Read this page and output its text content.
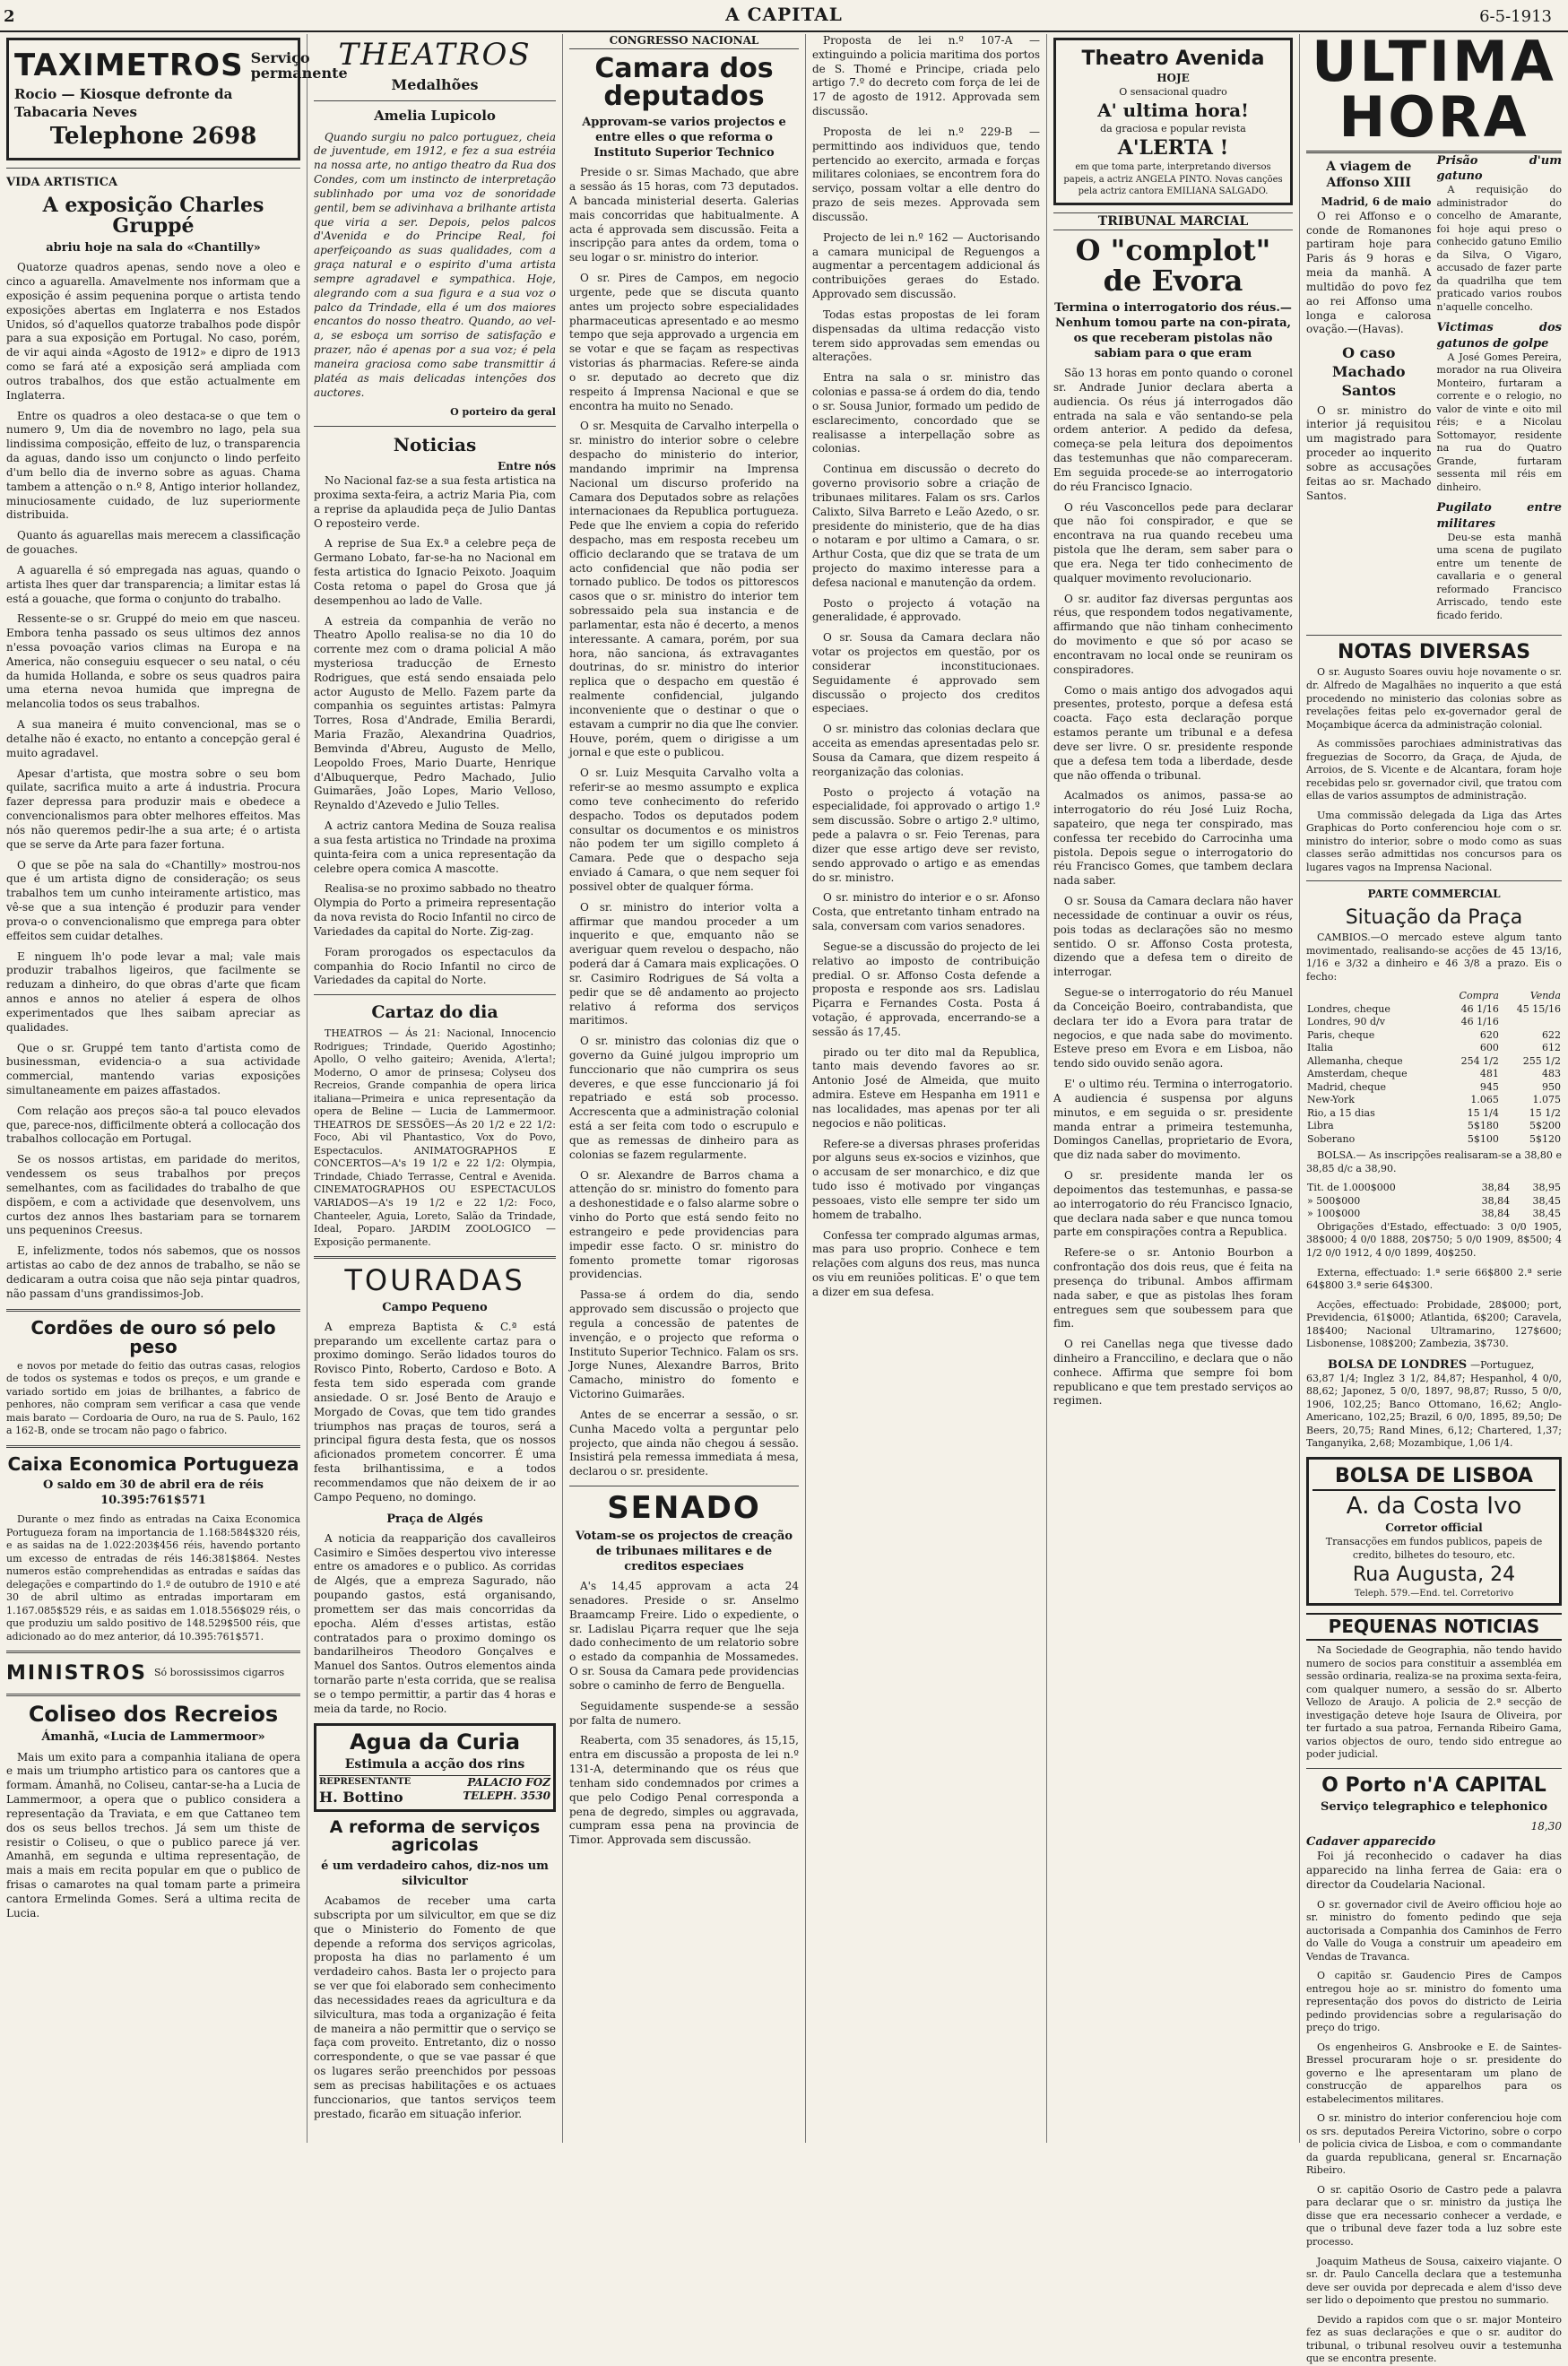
2	A CAPITAL	6-5-1913
TAXIMETROS Serviço permanente
Rocio — Kiosque defronte da Tabacaria Neves
Telephone 2698
VIDA ARTISTICA
A exposição Charles Gruppé
abriu hoje na sala do «Chantilly»

Quatorze quadros apenas, sendo nove a oleo e cinco a aguarella. Amavelmente nos informam que a exposição é assim pequenina porque o artista tendo exposições abertas em Inglaterra e nos Estados Unidos, só d'aquellos quatorze trabalhos pode dispôr para a sua exposição em Portugal. No caso, porém, de vir aqui ainda «Agosto de 1912» e dipro de 1913 como se fará até a exposição será ampliada com outros trabalhos, dos que estão actualmente em Inglaterra.

Entre os quadros a oleo destaca-se o que tem o numero 9, Um dia de novembro no lago, pela sua lindissima composição, effeito de luz, o transparencia da aguas, dando isso um conjuncto o lindo perfeito d'um bello dia de inverno sobre as aguas. Chama tambem a attenção o n.º 8, Antigo interior hollandez, minuciosamente cuidado, de luz superiormente distribuida.

Quanto ás aguarellas mais merecem a classificação de gouaches.

A aguarella é só empregada nas aguas, quando o artista lhes quer dar transparencia; a limitar estas lá está a gouache, que forma o conjunto do trabalho.

Ressente-se o sr. Gruppé do meio em que nasceu. Embora tenha passado os seus ultimos dez annos n'essa povoação varios climas na Europa e na America, não conseguiu esquecer o seu natal, o céu da humida Hollanda, e sobre os seus quadros paira uma eterna nevoa humida que impregna de melancolia todos os seus trabalhos.

A sua maneira é muito convencional, mas se o detalhe não é exacto, no entanto a concepção geral é muito agradavel.

Apesar d'artista, que mostra sobre o seu bom quilate, sacrifica muito a arte á industria. Procura fazer depressa para produzir mais e obedece a convencionalismos para obter melhores effeitos. Mas nós não queremos pedir-lhe a sua arte; é o artista que se serve da Arte para fazer fortuna.

O que se põe na sala do «Chantilly» mostrou-nos que é um artista digno de consideração; os seus trabalhos tem um cunho inteiramente artistico, mas vê-se que a sua intenção é produzir para vender prova-o o convencionalismo que emprega para obter effeitos sem cuidar detalhes.

E ninguem lh'o pode levar a mal; vale mais produzir trabalhos ligeiros, que facilmente se reduzam a dinheiro, do que obras d'arte que ficam annos e annos no atelier á espera de olhos experimentados que lhes saibam apreciar as qualidades.

Que o sr. Gruppé tem tanto d'artista como de businessman, evidencia-o a sua actividade commercial, mantendo varias exposições simultaneamente em paizes affastados.

Com relação aos preços são-a tal pouco elevados que, parece-nos, difficilmente obterá a collocação dos trabalhos collocação em Portugal.

Se os nossos artistas, em paridade do meritos, vendessem os seus trabalhos por preços semelhantes, com as facilidades do trabalho de que dispõem, e com a actividade que desenvolvem, uns curtos dez annos lhes bastariam para se tornarem uns pequeninos Creesus.

E, infelizmente, todos nós sabemos, que os nossos artistas ao cabo de dez annos de trabalho, se não se dedicaram a outra coisa que não seja pintar quadros, não passam d'uns grandissimos-Job.

Cordões de ouro só pelo peso

e novos por metade do feitio das outras casas, relogios de todos os systemas e todos os preços, e um grande e variado sortido em joias de brilhantes, a fabrico de penhores, não compram sem verificar a casa que vende mais barato — Cordoaria de Ouro, na rua de S. Paulo, 162 a 162-B, onde se trocam não pago o fabrico.

Caixa Economica Portugueza
O saldo em 30 de abril era de réis 10.395:761$571

Durante o mez findo as entradas na Caixa Economica Portugueza foram na importancia de 1.168:584$320 réis, e as saidas na de 1.022:203$456 réis, havendo portanto um excesso de entradas de réis 146:381$864. Nestes numeros estão comprehendidas as entradas e saídas das delegações e compartindo do 1.º de outubro de 1910 e até 30 de abril ultimo as entradas importaram em 1.167.085$529 réis, e as saidas em 1.018.556$029 réis, o que produziu um saldo positivo de 148.529$500 réis, que adicionado ao do mez anterior, dá 10.395:761$571.

MINISTROS Só borossissimos cigarros
Coliseo dos Recreios
Ámanhã, «Lucia de Lammermoor»

Mais um exito para a companhia italiana de opera e mais um triumpho artistico para os cantores que a formam. Ámanhã, no Coliseu, cantar-se-ha a Lucia de Lammermoor, a opera que o publico considera a representação da Traviata, e em que Cattaneo tem dos os seus bellos trechos. Já sem um thiste de resistir o Coliseu, o que o publico parece já ver. Amanhã, em segunda e ultima representação, de mais a mais em recita popular em que o publico de frisas o camarotes na qual tomam parte a primeira cantora Ermelinda Gomes. Será a ultima recita de Lucia.

THEATROS
Medalhões
Amelia Lupicolo

Quando surgiu no palco portuguez, cheia de juventude, em 1912, e fez a sua estréia na nossa arte, no antigo theatro da Rua dos Condes, com um instincto de interpretação sublinhado por uma voz de sonoridade gentil, bem se adivinhava a brilhante artista que viria a ser. Depois, pelos palcos d'Avenida e do Principe Real, foi aperfeiçoando as suas qualidades, com a graça natural e o espirito d'uma artista sempre agradavel e sympathica. Hoje, alegrando com a sua figura e a sua voz o palco da Trindade, ella é um dos maiores encantos do nosso theatro. Quando, ao vel-a, se esboça um sorriso de satisfação e prazer, não é apenas por a sua voz; é pela maneira graciosa como sabe transmittir á platéa as mais delicadas intenções dos auctores.

O porteiro da geral
Noticias
Entre nós

No Nacional faz-se a sua festa artistica na proxima sexta-feira, a actriz Maria Pia, com a reprise da aplaudida peça de Julio Dantas O reposteiro verde.

A reprise de Sua Ex.ª a celebre peça de Germano Lobato, far-se-ha no Nacional em festa artistica do Ignacio Peixoto. Joaquim Costa retoma o papel do Grosa que já desempenhou ao lado de Valle.

A estreia da companhia de verão no Theatro Apollo realisa-se no dia 10 do corrente mez com o drama policial A mão mysteriosa traducção de Ernesto Rodrigues, que está sendo ensaiada pelo actor Augusto de Mello. Fazem parte da companhia os seguintes artistas: Palmyra Torres, Rosa d'Andrade, Emilia Berardi, Maria Frazão, Alexandrina Quadrios, Bemvinda d'Abreu, Augusto de Mello, Leopoldo Froes, Mario Duarte, Henrique d'Albuquerque, Pedro Machado, Julio Guimarães, João Lopes, Mario Velloso, Reynaldo d'Azevedo e Julio Telles.

A actriz cantora Medina de Souza realisa a sua festa artistica no Trindade na proxima quinta-feira com a unica representação da celebre opera comica A mascotte.

Realisa-se no proximo sabbado no theatro Olympia do Porto a primeira representação da nova revista do Rocio Infantil no circo de Variedades da capital do Norte. Zig-zag.

Foram prorogados os espectaculos da companhia do Rocio Infantil no circo de Variedades da capital do Norte.

Cartaz do dia

THEATROS — Ás 21: Nacional, Innocencio Rodrigues; Trindade, Querido Agostinho; Apollo, O velho gaiteiro; Avenida, A'lerta!; Moderno, O amor de prinsesa; Colyseu dos Recreios, Grande companhia de opera lirica italiana—Primeira e unica representação da opera de Beline — Lucia de Lammermoor. THEATROS DE SESSÕES—Ás 20 1/2 e 22 1/2: Foco, Abi vil Phantastico, Vox do Povo, Espectaculos. ANIMATOGRAPHOS E CONCERTOS—A's 19 1/2 e 22 1/2: Olympia, Trindade, Chiado Terrasse, Central e Avenida. CINEMATOGRAPHOS OU ESPECTACULOS VARIADOS—A's 19 1/2 e 22 1/2: Foco, Chanteeler, Aguia, Loreto, Salão da Trindade, Ideal, Poparo. JARDIM ZOOLOGICO — Exposição permanente.

TOURADAS
Campo Pequeno

A empreza Baptista & C.ª está preparando um excellente cartaz para o proximo domingo. Serão lidados touros do Rovisco Pinto, Roberto, Cardoso e Boto. A festa tem sido esperada com grande ansiedade. O sr. José Bento de Araujo e Morgado de Covas, que tem tido grandes triumphos nas praças de touros, será a principal figura desta festa, que os nossos aficionados prometem concorrer. É uma festa brilhantissima, e a todos recommendamos que não deixem de ir ao Campo Pequeno, no domingo.

Praça de Algés

A noticia da reapparição dos cavalleiros Casimiro e Simões despertou vivo interesse entre os amadores e o publico. As corridas de Algés, que a empreza Sagurado, não poupando gastos, está organisando, promettem ser das mais concorridas da epocha. Além d'esses artistas, estão contratados para o proximo domingo os bandarilheiros Theodoro Gonçalves e Manuel dos Santos. Outros elementos ainda tornarão parte n'esta corrida, que se realisa se o tempo permittir, a partir das 4 horas e meia da tarde, no Rocio.

Agua da Curia
Estimula a acção dos rins
REPRESENTANTE
H. Bottino
PALACIO FOZ
TELEPH. 3530
A reforma de serviços agricolas
é um verdadeiro cahos, diz-nos um silvicultor

Acabamos de receber uma carta subscripta por um silvicultor, em que se diz que o Ministerio do Fomento de que depende a reforma dos serviços agricolas, proposta ha dias no parlamento é um verdadeiro cahos. Basta ler o projecto para se ver que foi elaborado sem conhecimento das necessidades reaes da agricultura e da silvicultura, mas toda a organização é feita de maneira a não permittir que o serviço se faça com proveito. Entretanto, diz o nosso correspondente, o que se vae passar é que os lugares serão preenchidos por pessoas sem as precisas habilitações e os actuaes funccionarios, que tantos serviços teem prestado, ficarão em situação inferior.

CONGRESSO NACIONAL
Camara dos deputados
Approvam-se varios projectos e entre elles o que reforma o Instituto Superior Technico

Preside o sr. Simas Machado, que abre a sessão ás 15 horas, com 73 deputados. A bancada ministerial deserta. Galerias mais concorridas que habitualmente. A acta é approvada sem discussão. Feita a inscripção para antes da ordem, toma o seu logar o sr. ministro do interior.

O sr. Pires de Campos, em negocio urgente, pede que se discuta quanto antes um projecto sobre especialidades pharmaceuticas apresentado e ao mesmo tempo que seja approvado a urgencia em se votar e que se façam as respectivas vistorias ás pharmacias. Refere-se ainda o sr. deputado ao decreto que diz respeito á Imprensa Nacional e que se encontra ha muito no Senado.

O sr. Mesquita de Carvalho interpella o sr. ministro do interior sobre o celebre despacho do ministerio do interior, mandando imprimir na Imprensa Nacional um discurso proferido na Camara dos Deputados sobre as relações internacionaes da Republica portugueza. Pede que lhe enviem a copia do referido despacho, mas em resposta recebeu um officio declarando que se tratava de um acto confidencial que não podia ser tornado publico. De todos os pittorescos casos que o sr. ministro do interior tem sobressaido pela sua instancia e de parlamentar, esta não é decerto, a menos interessante. A camara, porém, por sua hora, não sanciona, ás extravagantes doutrinas, do sr. ministro do interior replica que o despacho em questão é realmente confidencial, julgando inconveniente que o destinar o que o estavam a cumprir no dia que lhe convier. Houve, porém, quem o dirigisse a um jornal e que este o publicou.

O sr. Luiz Mesquita Carvalho volta a referir-se ao mesmo assumpto e explica como teve conhecimento do referido despacho. Todos os deputados podem consultar os documentos e os ministros não podem ter um sigillo completo á Camara. Pede que o despacho seja enviado á Camara, o que nem sequer foi possivel obter de qualquer fórma.

O sr. ministro do interior volta a affirmar que mandou proceder a um inquerito e que, emquanto não se averiguar quem revelou o despacho, não poderá dar á Camara mais explicações. O sr. Casimiro Rodrigues de Sá volta a pedir que se dê andamento ao projecto relativo á reforma dos serviços maritimos.

O sr. ministro das colonias diz que o governo da Guiné julgou improprio um funccionario que não cumprira os seus deveres, e que esse funccionario já foi repatriado e está sob processo. Accrescenta que a administração colonial está a ser feita com todo o escrupulo e que as remessas de dinheiro para as colonias se fazem regularmente.

O sr. Alexandre de Barros chama a attenção do sr. ministro do fomento para a deshonestidade e o falso alarme sobre o vinho do Porto que está sendo feito no estrangeiro e pede providencias para impedir esse facto. O sr. ministro do fomento promette tomar rigorosas providencias.

Passa-se á ordem do dia, sendo approvado sem discussão o projecto que regula a concessão de patentes de invenção, e o projecto que reforma o Instituto Superior Technico. Falam os srs. Jorge Nunes, Alexandre Barros, Brito Camacho, ministro do fomento e Victorino Guimarães.

Antes de se encerrar a sessão, o sr. Cunha Macedo volta a perguntar pelo projecto, que ainda não chegou á sessão. Insistirá pela remessa immediata á mesa, declarou o sr. presidente.

SENADO
Votam-se os projectos de creação de tribunaes militares e de creditos especiaes

A's 14,45 approvam a acta 24 senadores. Preside o sr. Anselmo Braamcamp Freire. Lido o expediente, o sr. Ladislau Piçarra requer que lhe seja dado conhecimento de um relatorio sobre o estado da companhia de Mossamedes. O sr. Sousa da Camara pede providencias sobre o caminho de ferro de Benguella.

Seguidamente suspende-se a sessão por falta de numero.

Reaberta, com 35 senadores, ás 15,15, entra em discussão a proposta de lei n.º 131-A, determinando que os réus que tenham sido condemnados por crimes a que pelo Codigo Penal corresponda a pena de degredo, simples ou aggravada, cumpram essa pena na provincia de Timor. Approvada sem discussão.

Proposta de lei n.º 107-A — extinguindo a policia maritima dos portos de S. Thomé e Principe, criada pelo artigo 7.º do decreto com força de lei de 17 de agosto de 1912. Approvada sem discussão.

Proposta de lei n.º 229-B — permittindo aos individuos que, tendo pertencido ao exercito, armada e forças militares coloniaes, se encontrem fora do serviço, possam voltar a elle dentro do prazo de seis mezes. Approvada sem discussão.

Projecto de lei n.º 162 — Auctorisando a camara municipal de Reguengos a augmentar a percentagem addicional ás contribuições geraes do Estado. Approvado sem discussão.

Todas estas propostas de lei foram dispensadas da ultima redacção visto terem sido approvadas sem emendas ou alterações.

Entra na sala o sr. ministro das colonias e passa-se á ordem do dia, tendo o sr. Sousa Junior, formado um pedido de esclarecimento, concordado que se realisasse a interpellação sobre as colonias.

Continua em discussão o decreto do governo provisorio sobre a criação de tribunaes militares. Falam os srs. Carlos Calixto, Silva Barreto e Leão Azedo, o sr. presidente do ministerio, que de ha dias o notaram e por ultimo a Camara, o sr. Arthur Costa, que diz que se trata de um projecto do maximo interesse para a defesa nacional e manutenção da ordem.

Posto o projecto á votação na generalidade, é approvado.

O sr. Sousa da Camara declara não votar os projectos em questão, por os considerar inconstitucionaes. Seguidamente é approvado sem discussão o projecto dos creditos especiaes.

O sr. ministro das colonias declara que acceita as emendas apresentadas pelo sr. Sousa da Camara, que dizem respeito á reorganização das colonias.

Posto o projecto á votação na especialidade, foi approvado o artigo 1.º sem discussão. Sobre o artigo 2.º ultimo, pede a palavra o sr. Feio Terenas, para dizer que esse artigo deve ser revisto, sendo approvado o artigo e as emendas do sr. ministro.

O sr. ministro do interior e o sr. Afonso Costa, que entretanto tinham entrado na sala, conversam com varios senadores.

Segue-se a discussão do projecto de lei relativo ao imposto de contribuição predial. O sr. Affonso Costa defende a proposta e responde aos srs. Ladislau Piçarra e Fernandes Costa. Posta á votação, é approvada, encerrando-se a sessão ás 17,45.

pirado ou ter dito mal da Republica, tanto mais devendo favores ao sr. Antonio José de Almeida, que muito admira. Esteve em Hespanha em 1911 e nas localidades, mas apenas por ter ali negocios e não politicas.

Refere-se a diversas phrases proferidas por alguns seus ex-socios e vizinhos, que o accusam de ser monarchico, e diz que tudo isso é motivado por vinganças pessoaes, visto elle sempre ter sido um homem de trabalho.

Confessa ter comprado algumas armas, mas para uso proprio. Conhece e tem relações com alguns dos reus, mas nunca os viu em reuniões politicas. E' o que tem a dizer em sua defesa.

Theatro Avenida
HOJE
O sensacional quadro
A' ultima hora!
da graciosa e popular revista
A'LERTA !
em que toma parte, interpretando diversos papeis, a actriz ANGELA PINTO. Novas canções pela actriz cantora EMILIANA SALGADO.
TRIBUNAL MARCIAL
O "complot" de Evora
Termina o interrogatorio dos réus.—Nenhum tomou parte na con-pirata, os que receberam pistolas não sabiam para o que eram

São 13 horas em ponto quando o coronel sr. Andrade Junior declara aberta a audiencia. Os réus já interrogados dão entrada na sala e vão sentando-se pela ordem anterior. A pedido da defesa, começa-se pela leitura dos depoimentos das testemunhas que não compareceram. Em seguida procede-se ao interrogatorio do réu Francisco Ignacio.

O réu Vasconcellos pede para declarar que não foi conspirador, e que se encontrava na rua quando recebeu uma pistola que lhe deram, sem saber para o que era. Nega ter tido conhecimento de qualquer movimento revolucionario.

O sr. auditor faz diversas perguntas aos réus, que respondem todos negativamente, affirmando que não tinham conhecimento do movimento e que só por acaso se encontravam no local onde se reuniram os conspiradores.

Como o mais antigo dos advogados aqui presentes, protesto, porque a defesa está coacta. Faço esta declaração porque estamos perante um tribunal e a defesa deve ser livre. O sr. presidente responde que a defesa tem toda a liberdade, desde que não offenda o tribunal.

Acalmados os animos, passa-se ao interrogatorio do réu José Luiz Rocha, sapateiro, que nega ter conspirado, mas confessa ter recebido do Carrocinha uma pistola. Depois segue o interrogatorio do réu Francisco Gomes, que tambem declara nada saber.

O sr. Sousa da Camara declara não haver necessidade de continuar a ouvir os réus, pois todas as declarações são no mesmo sentido. O sr. Affonso Costa protesta, dizendo que a defesa tem o direito de interrogar.

Segue-se o interrogatorio do réu Manuel da Conceição Boeiro, contrabandista, que declara ter ido a Evora para tratar de negocios, e que nada sabe do movimento. Esteve preso em Evora e em Lisboa, não tendo sido ouvido senão agora.

E' o ultimo réu. Termina o interrogatorio. A audiencia é suspensa por alguns minutos, e em seguida o sr. presidente manda entrar a primeira testemunha, Domingos Canellas, proprietario de Evora, que diz nada saber do movimento.

O sr. presidente manda ler os depoimentos das testemunhas, e passa-se ao interrogatorio do réu Francisco Ignacio, que declara nada saber e que nunca tomou parte em conspirações contra a Republica.

Refere-se o sr. Antonio Bourbon a confrontação dos dois reus, que é feita na presença do tribunal. Ambos affirmam nada saber, e que as pistolas lhes foram entregues sem que soubessem para que fim.

O rei Canellas nega que tivesse dado dinheiro a Franccilino, e declara que o não conhece. Affirma que sempre foi bom republicano e que tem prestado serviços ao regimen.

ULTIMA HORA
A viagem de Affonso XIII
Madrid, 6 de maio

O rei Affonso e o conde de Romanones partiram hoje para Paris ás 9 horas e meia da manhã. A multidão do povo fez ao rei Affonso uma longa e calorosa ovação.—(Havas).

O caso Machado Santos

O sr. ministro do interior já requisitou um magistrado para proceder ao inquerito sobre as accusações feitas ao sr. Machado Santos.

Prisão d'um gatuno

A requisição do administrador do concelho de Amarante, foi hoje aqui preso o conhecido gatuno Emilio da Silva, O Vigaro, accusado de fazer parte da quadrilha que tem praticado varios roubos n'aquelle concelho.

Victimas dos gatunos de golpe

A José Gomes Pereira, morador na rua Oliveira Monteiro, furtaram a corrente e o relogio, no valor de vinte e oito mil réis; e a Nicolau Sottomayor, residente na rua do Quatro Grande, furtaram sessenta mil réis em dinheiro.

Pugilato entre militares

Deu-se esta manhã uma scena de pugilato entre um tenente de cavallaria e o general reformado Francisco Arriscado, tendo este ficado ferido.

NOTAS DIVERSAS

O sr. Augusto Soares ouviu hoje novamente o sr. dr. Alfredo de Magalhães no inquerito a que está procedendo no ministerio das colonias sobre as revelações feitas pelo ex-governador geral de Moçambique ácerca da administração colonial.

As commissões parochiaes administrativas das freguezias de Socorro, da Graça, de Ajuda, de Arroios, de S. Vicente e de Alcantara, foram hoje recebidas pelo sr. governador civil, que tratou com ellas de varios assumptos de administração.

Uma commissão delegada da Liga das Artes Graphicas do Porto conferenciou hoje com o sr. ministro do interior, sobre o modo como as suas classes serão admittidas nos concursos para os lugares vagos na Imprensa Nacional.

PARTE COMMERCIAL
Situação da Praça

CAMBIOS.—O mercado esteve algum tanto movimentado, realisando-se acções de 45 13/16, 1/16 e 3/32 a dinheiro e 46 3/8 a prazo. Eis o fecho:

	Compra	Venda
Londres, cheque	46 1/16	45 15/16
Londres, 90 d/v	46 1/16	
Paris, cheque	620	622
Italia	600	612
Allemanha, cheque	254 1/2	255 1/2
Amsterdam, cheque	481	483
Madrid, cheque	945	950
New-York	1.065	1.075
Rio, a 15 dias	15 1/4	15 1/2
Libra	5$180	5$200
Soberano	5$100	5$120

BOLSA.— As inscripções realisaram-se a 38,80 e 38,85 d/c a 38,90.

Tit. de 1.000$000	38,84	38,95
» 500$000	38,84	38,45
» 100$000	38,84	38,45

Obrigações d'Estado, effectuado: 3 0/0 1905, 38$000; 4 0/0 1888, 20$750; 5 0/0 1909, 8$500; 4 1/2 0/0 1912, 4 0/0 1899, 40$250.

Externa, effectuado: 1.ª serie 66$800 2.ª serie 64$800 3.ª serie 64$300.

Acções, effectuado: Probidade, 28$000; port, Previdencia, 61$000; Atlantida, 6$200; Caravela, 18$400; Nacional Ultramarino, 127$600; Lisbonense, 108$200; Zambezia, 3$730.

BOLSA DE LONDRES —Portuguez, 63,87 1/4; Inglez 3 1/2, 84,87; Hespanhol, 4 0/0, 88,62; Japonez, 5 0/0, 1897, 98,87; Russo, 5 0/0, 1906, 102,25; Banco Ottomano, 16,62; Anglo-Americano, 102,25; Brazil, 6 0/0, 1895, 89,50; De Beers, 20,75; Rand Mines, 6,12; Chartered, 1,37; Tanganyika, 2,68; Mozambique, 1,06 1/4.

BOLSA DE LISBOA
A. da Costa Ivo
Corretor official
Transacções em fundos publicos, papeis de credito, bilhetes do tesouro, etc.
Rua Augusta, 24
Teleph. 579.—End. tel. Corretorivo
PEQUENAS NOTICIAS

Na Sociedade de Geographia, não tendo havido numero de socios para constituir a assembléa em sessão ordinaria, realiza-se na proxima sexta-feira, com qualquer numero, a sessão do sr. Alberto Vellozo de Araujo. A policia de 2.ª secção de investigação deteve hoje Isaura de Oliveira, por ter furtado a sua patroa, Fernanda Ribeiro Gama, varios objectos de ouro, tendo sido entregue ao poder judicial.

O Porto n'A CAPITAL
Serviço telegraphico e telephonico
18,30
Cadaver apparecido

Foi já reconhecido o cadaver ha dias apparecido na linha ferrea de Gaia: era o director da Coudelaria Nacional.

O sr. governador civil de Aveiro officiou hoje ao sr. ministro do fomento pedindo que seja auctorisada a Companhia dos Caminhos de Ferro do Valle do Vouga a construir um apeadeiro em Vendas de Travanca.

O capitão sr. Gaudencio Pires de Campos entregou hoje ao sr. ministro do fomento uma representação dos povos do districto de Leiria pedindo providencias sobre a regularisação do preço do trigo.

Os engenheiros G. Ansbrooke e E. de Saintes-Bressel procuraram hoje o sr. presidente do governo e lhe apresentaram um plano de construcção de apparelhos para os estabelecimentos militares.

O sr. ministro do interior conferenciou hoje com os srs. deputados Pereira Victorino, sobre o corpo de policia civica de Lisboa, e com o commandante da guarda republicana, general sr. Encarnação Ribeiro.

O sr. capitão Osorio de Castro pede a palavra para declarar que o sr. ministro da justiça lhe disse que era necessario conhecer a verdade, e que o tribunal deve fazer toda a luz sobre este processo.

Joaquim Matheus de Sousa, caixeiro viajante. O sr. dr. Paulo Cancella declara que a testemunha deve ser ouvida por deprecada e alem d'isso deve ser lido o depoimento que prestou no summario.

Devido a rapidos com que o sr. major Monteiro fez as suas declarações e que o sr. auditor do tribunal, o tribunal resolveu ouvir a testemunha que se encontra presente.
